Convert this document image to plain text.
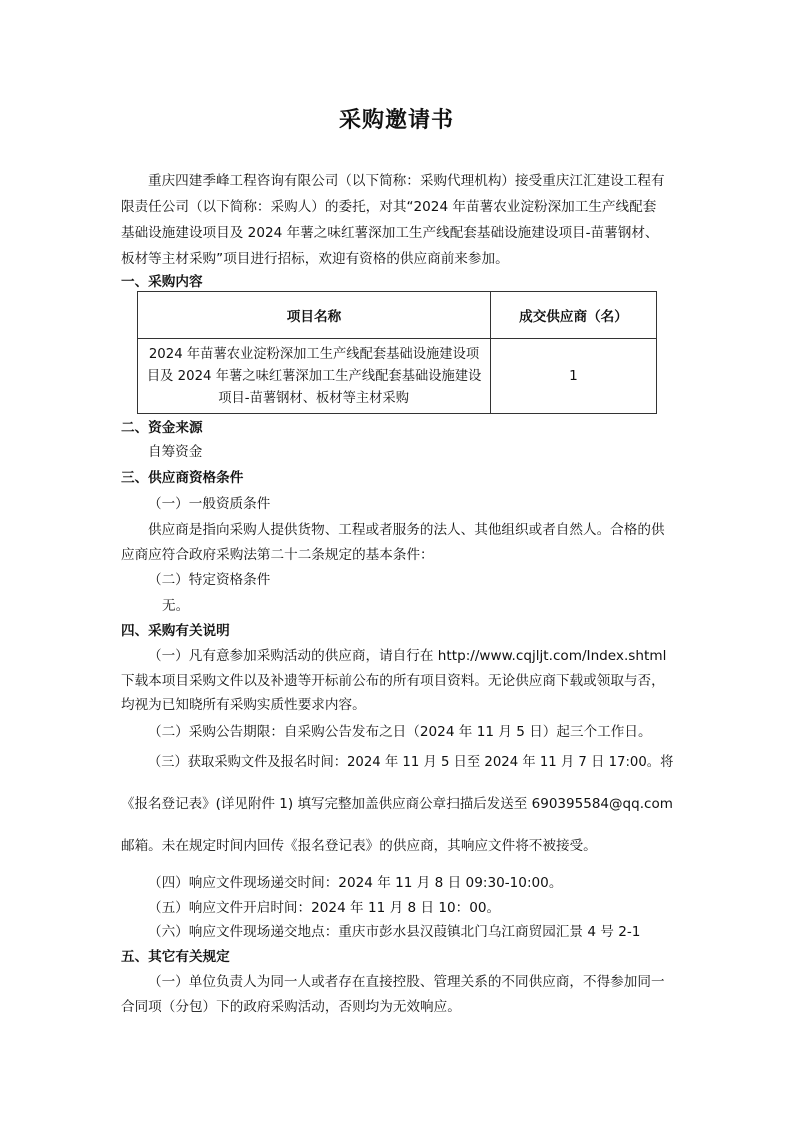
采购邀请书
重庆四建季峰工程咨询有限公司（以下简称：采购代理机构）接受重庆江汇建设工程有
限责任公司（以下简称：采购人）的委托，对其“2024 年苗薯农业淀粉深加工生产线配套
基础设施建设项目及 2024 年薯之味红薯深加工生产线配套基础设施建设项目-苗薯钢材、
板材等主材采购”项目进行招标，欢迎有资格的供应商前来参加。
一、采购内容
项目名称	成交供应商（名）
2024 年苗薯农业淀粉深加工生产线配套基础设施建设项 目及 2024 年薯之味红薯深加工生产线配套基础设施建设 项目-苗薯钢材、板材等主材采购	1
二、资金来源
自筹资金
三、供应商资格条件
（一）一般资质条件
供应商是指向采购人提供货物、工程或者服务的法人、其他组织或者自然人。合格的供
应商应符合政府采购法第二十二条规定的基本条件：
（二）特定资格条件
无。
四、采购有关说明
（一）凡有意参加采购活动的供应商，请自行在 http://www.cqjljt.com/Index.shtml
下载本项目采购文件以及补遗等开标前公布的所有项目资料。无论供应商下载或领取与否，
均视为已知晓所有采购实质性要求内容。
（二）采购公告期限：自采购公告发布之日（2024 年 11 月 5 日）起三个工作日。
（三）获取采购文件及报名时间：2024 年 11 月 5 日至 2024 年 11 月 7 日 17:00。将
《报名登记表》(详见附件 1) 填写完整加盖供应商公章扫描后发送至 690395584@qq.com
邮箱。未在规定时间内回传《报名登记表》的供应商，其响应文件将不被接受。
（四）响应文件现场递交时间：2024 年 11 月 8 日 09:30-10:00。
（五）响应文件开启时间：2024 年 11 月 8 日 10：00。
（六）响应文件现场递交地点：重庆市彭水县汉葭镇北门乌江商贸园汇景 4 号 2-1
五、其它有关规定
（一）单位负责人为同一人或者存在直接控股、管理关系的不同供应商，不得参加同一
合同项（分包）下的政府采购活动，否则均为无效响应。
